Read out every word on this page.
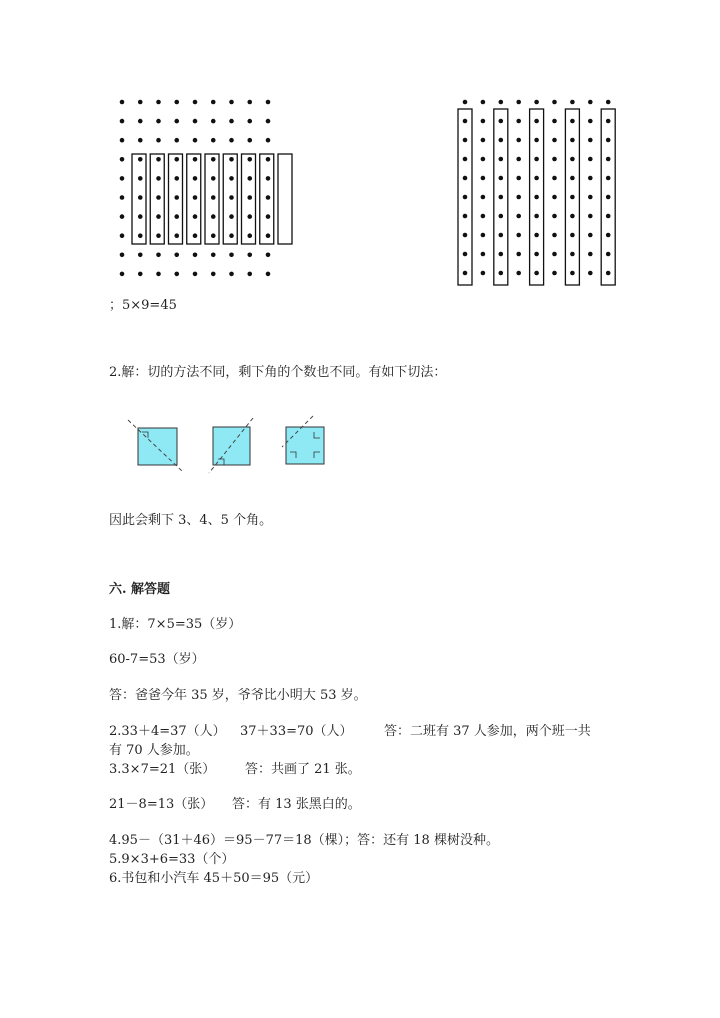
；5×9=45
2.解：切的方法不同，剩下角的个数也不同。有如下切法：
因此会剩下 3、4、5 个角。
六. 解答题
1.解：7×5=35（岁）
60-7=53（岁）
答：爸爸今年 35 岁，爷爷比小明大 53 岁。
2.33＋4=37（人） 37＋33=70（人） 答：二班有 37 人参加，两个班一共
有 70 人参加。
3.3×7=21（张） 答：共画了 21 张。
21－8=13（张） 答：有 13 张黑白的。
4.95－（31＋46）＝95－77＝18（棵）；答：还有 18 棵树没种。
5.9×3+6=33（个）
6.书包和小汽车 45＋50＝95（元）
